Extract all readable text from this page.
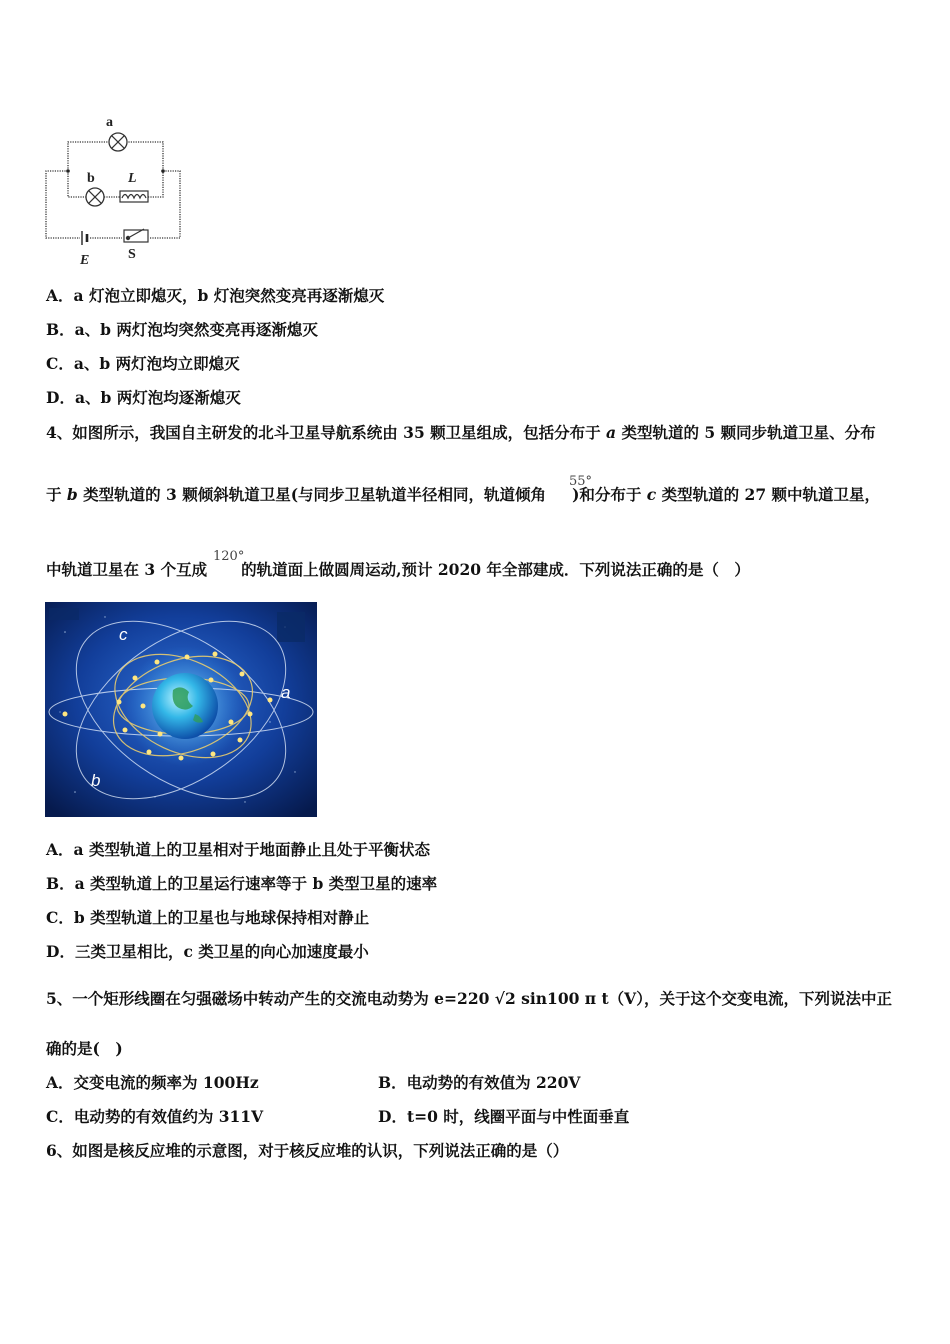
a
b L
E	S
A．a 灯泡立即熄灭，b 灯泡突然变亮再逐渐熄灭
B．a、b 两灯泡均突然变亮再逐渐熄灭
C．a、b 两灯泡均立即熄灭
D．a、b 两灯泡均逐渐熄灭
4、如图所示，我国自主研发的北斗卫星导航系统由 35 颗卫星组成，包括分布于 a 类型轨道的 5 颗同步轨道卫星、分布
于 b 类型轨道的 3 颗倾斜轨道卫星(与同步卫星轨道半径相同，轨道倾角 )和分布于 c 类型轨道的 27 颗中轨道卫星，
55°
中轨道卫星在 3 个互成 的轨道面上做圆周运动,预计 2020 年全部建成．下列说法正确的是（　）
120°
c
a
b
A．a 类型轨道上的卫星相对于地面静止且处于平衡状态
B．a 类型轨道上的卫星运行速率等于 b 类型卫星的速率
C．b 类型轨道上的卫星也与地球保持相对静止
D．三类卫星相比，c 类卫星的向心加速度最小
5、一个矩形线圈在匀强磁场中转动产生的交流电动势为 e=220 √2 sin100 π t（V），关于这个交变电流，下列说法中正
确的是(　)
A．交变电流的频率为 100Hz	B．电动势的有效值为 220V
C．电动势的有效值约为 311V	D．t=0 时，线圈平面与中性面垂直
6、如图是核反应堆的示意图，对于核反应堆的认识，下列说法正确的是（）
